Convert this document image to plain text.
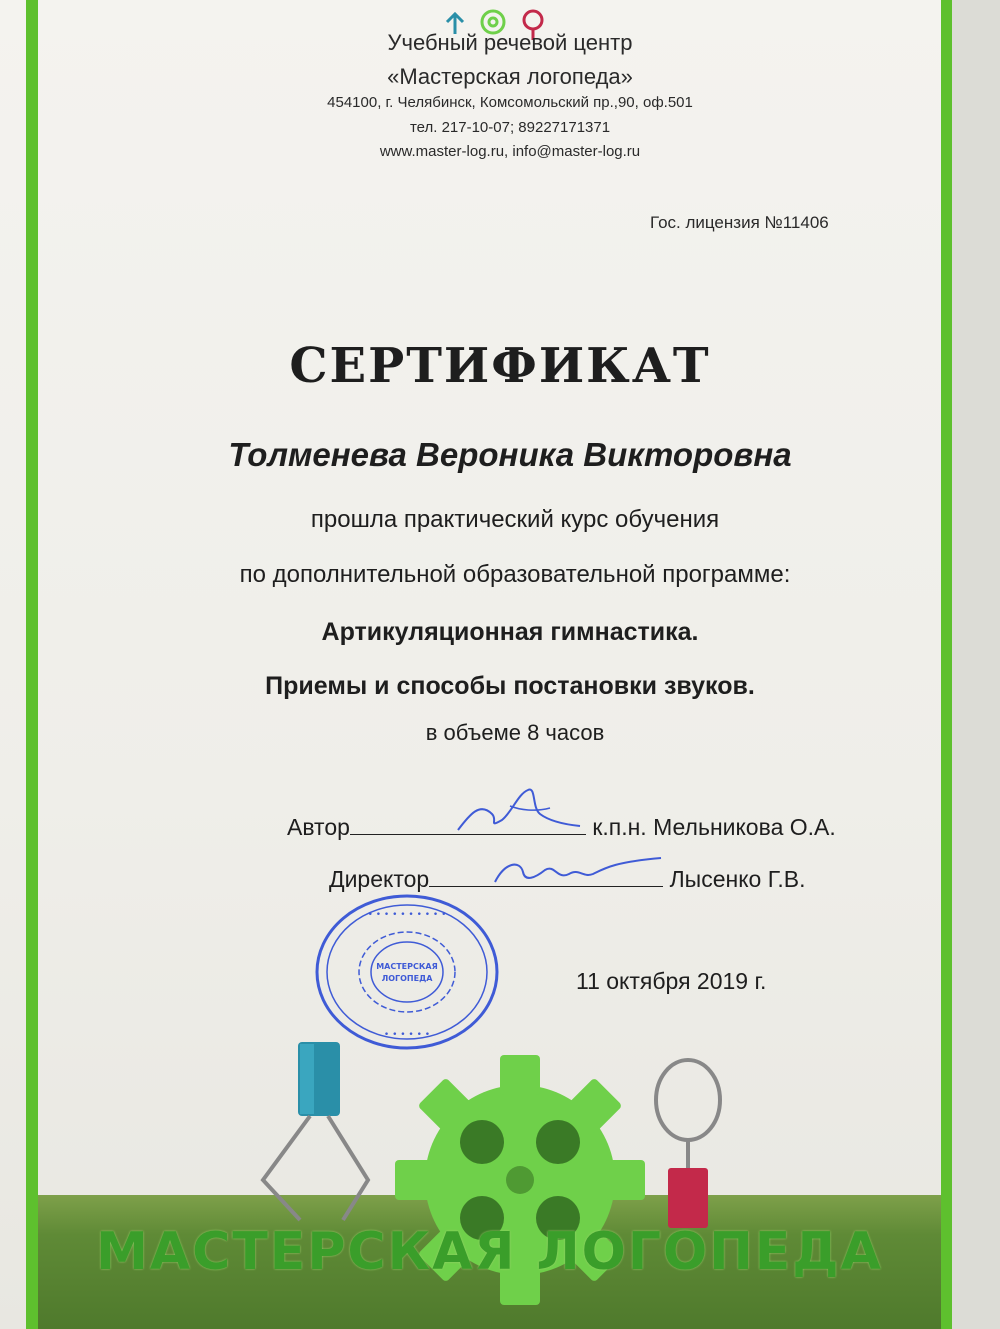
Учебный речевой центр
«Мастерская логопеда»
454100, г. Челябинск, Комсомольский пр.,90, оф.501
тел. 217-10-07; 89227171371
www.master-log.ru, info@master-log.ru
Гос. лицензия №11406
СЕРТИФИКАТ
Толменева Вероника Викторовна
прошла практический курс обучения
по дополнительной образовательной программе:
Артикуляционная гимнастика.
Приемы и способы постановки звуков.
в объеме 8 часов
Автор	к.п.н. Мельникова О.А.
Директор	Лысенко Г.В.
• • • • • • • • • •
МАСТЕРСКАЯ
ЛОГОПЕДА
• • • • • •
11 октября 2019 г.
МАСТЕРСКАЯ ЛОГОПЕДА
